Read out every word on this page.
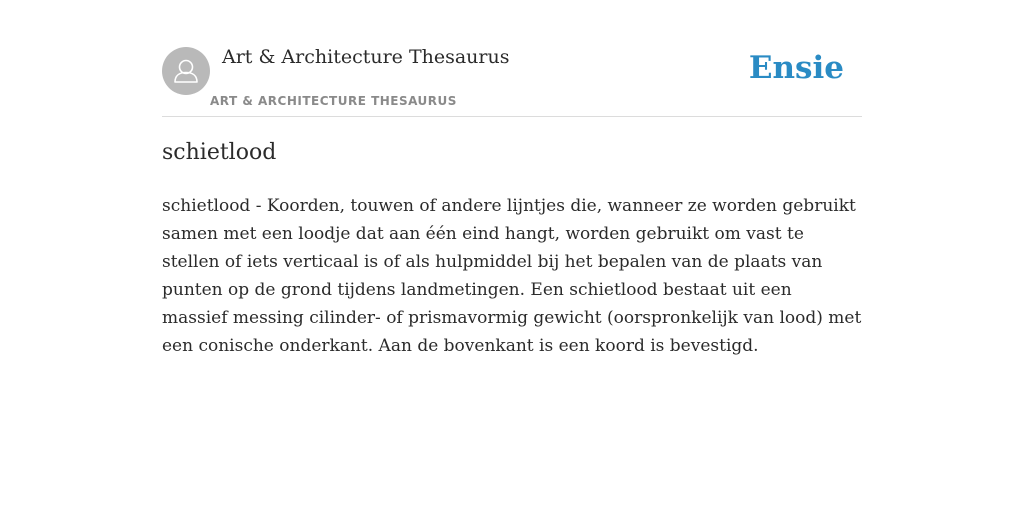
Art & Architecture Thesaurus
ART & ARCHITECTURE THESAURUS
Ensie
schietlood

schietlood - Koorden, touwen of andere lijntjes die, wanneer ze worden gebruikt samen met een loodje dat aan één eind hangt, worden gebruikt om vast te stellen of iets verticaal is of als hulpmiddel bij het bepalen van de plaats van punten op de grond tijdens landmetingen. Een schietlood bestaat uit een massief messing cilinder- of prismavormig gewicht (oorspronkelijk van lood) met een conische onderkant. Aan de bovenkant is een koord is bevestigd.
